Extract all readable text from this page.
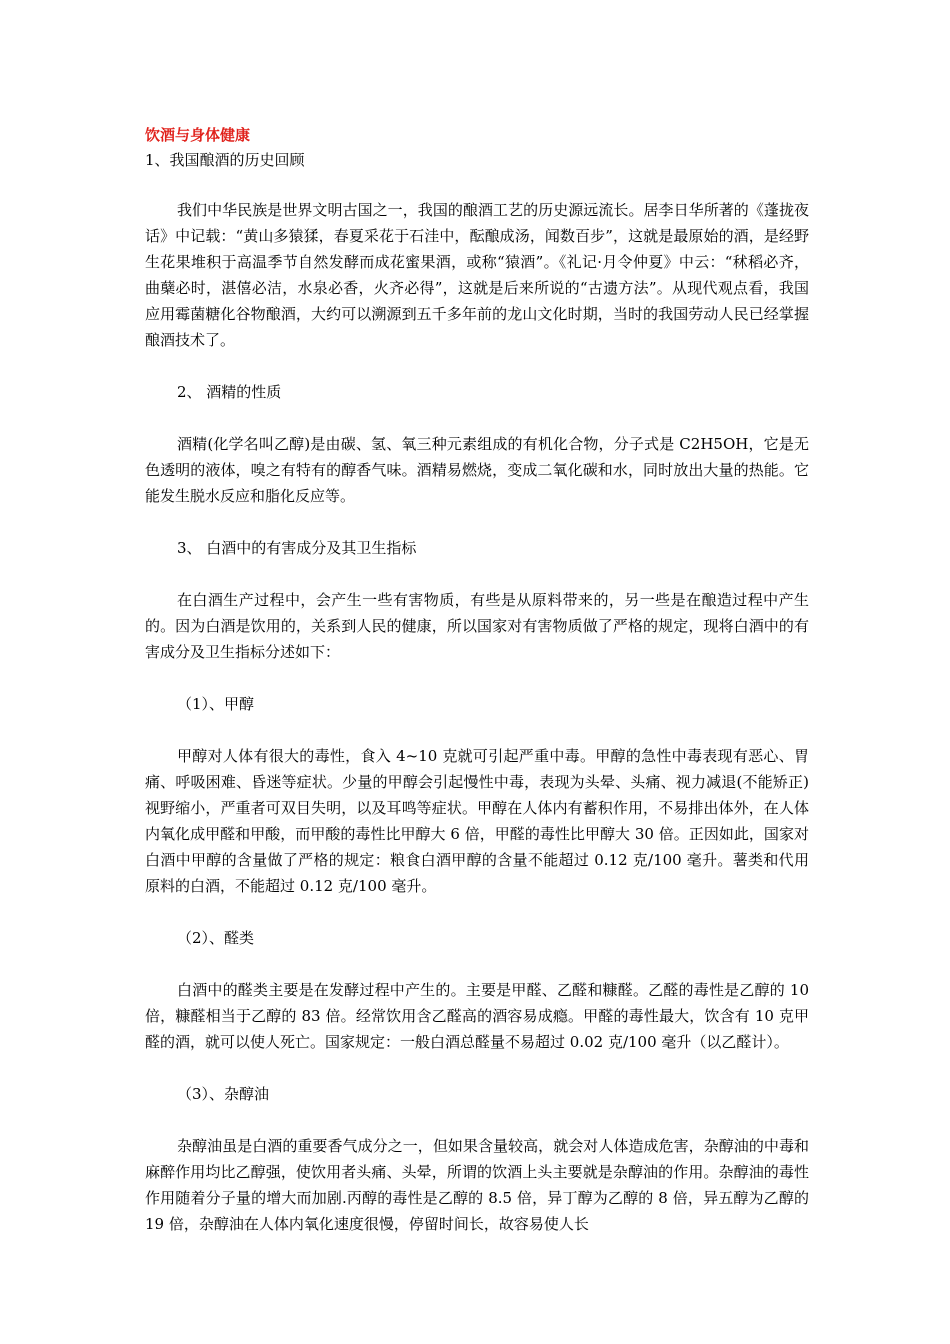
饮酒与身体健康

1、我国酿酒的历史回顾

我们中华民族是世界文明古国之一，我国的酿酒工艺的历史源远流长。居李日华所著的《蓬拢夜话》中记载：“黄山多猿猱，春夏采花于石洼中，酝酿成汤，闻数百步”，这就是最原始的酒，是经野生花果堆积于高温季节自然发酵而成花蜜果酒，或称“猿酒”。《礼记·月令仲夏》中云：“秫稻必齐，曲蘖必时，湛僖必洁，水泉必香，火齐必得”，这就是后来所说的“古遗方法”。从现代观点看，我国应用霉菌糖化谷物酿酒，大约可以溯源到五千多年前的龙山文化时期，当时的我国劳动人民已经掌握酿酒技术了。

2、 酒精的性质

酒精(化学名叫乙醇)是由碳、氢、氧三种元素组成的有机化合物，分子式是 C2H5OH，它是无色透明的液体，嗅之有特有的醇香气味。酒精易燃烧，变成二氧化碳和水，同时放出大量的热能。它能发生脱水反应和脂化反应等。

3、 白酒中的有害成分及其卫生指标

在白酒生产过程中，会产生一些有害物质，有些是从原料带来的，另一些是在酿造过程中产生的。因为白酒是饮用的，关系到人民的健康，所以国家对有害物质做了严格的规定，现将白酒中的有害成分及卫生指标分述如下：

（1）、甲醇

甲醇对人体有很大的毒性，食入 4~10 克就可引起严重中毒。甲醇的急性中毒表现有恶心、胃痛、呼吸困难、昏迷等症状。少量的甲醇会引起慢性中毒，表现为头晕、头痛、视力减退(不能矫正)视野缩小，严重者可双目失明，以及耳鸣等症状。甲醇在人体内有蓄积作用，不易排出体外，在人体内氧化成甲醛和甲酸，而甲酸的毒性比甲醇大 6 倍，甲醛的毒性比甲醇大 30 倍。正因如此，国家对白酒中甲醇的含量做了严格的规定：粮食白酒甲醇的含量不能超过 0.12 克/100 毫升。薯类和代用原料的白酒，不能超过 0.12 克/100 毫升。

（2）、醛类

白酒中的醛类主要是在发酵过程中产生的。主要是甲醛、乙醛和糠醛。乙醛的毒性是乙醇的 10 倍，糠醛相当于乙醇的 83 倍。经常饮用含乙醛高的酒容易成瘾。甲醛的毒性最大，饮含有 10 克甲醛的酒，就可以使人死亡。国家规定：一般白酒总醛量不易超过 0.02 克/100 毫升（以乙醛计）。

（3）、杂醇油

杂醇油虽是白酒的重要香气成分之一，但如果含量较高，就会对人体造成危害，杂醇油的中毒和麻醉作用均比乙醇强，使饮用者头痛、头晕，所谓的饮酒上头主要就是杂醇油的作用。杂醇油的毒性作用随着分子量的增大而加剧.丙醇的毒性是乙醇的 8.5 倍，异丁醇为乙醇的 8 倍，异五醇为乙醇的 19 倍，杂醇油在人体内氧化速度很慢，停留时间长，故容易使人长
